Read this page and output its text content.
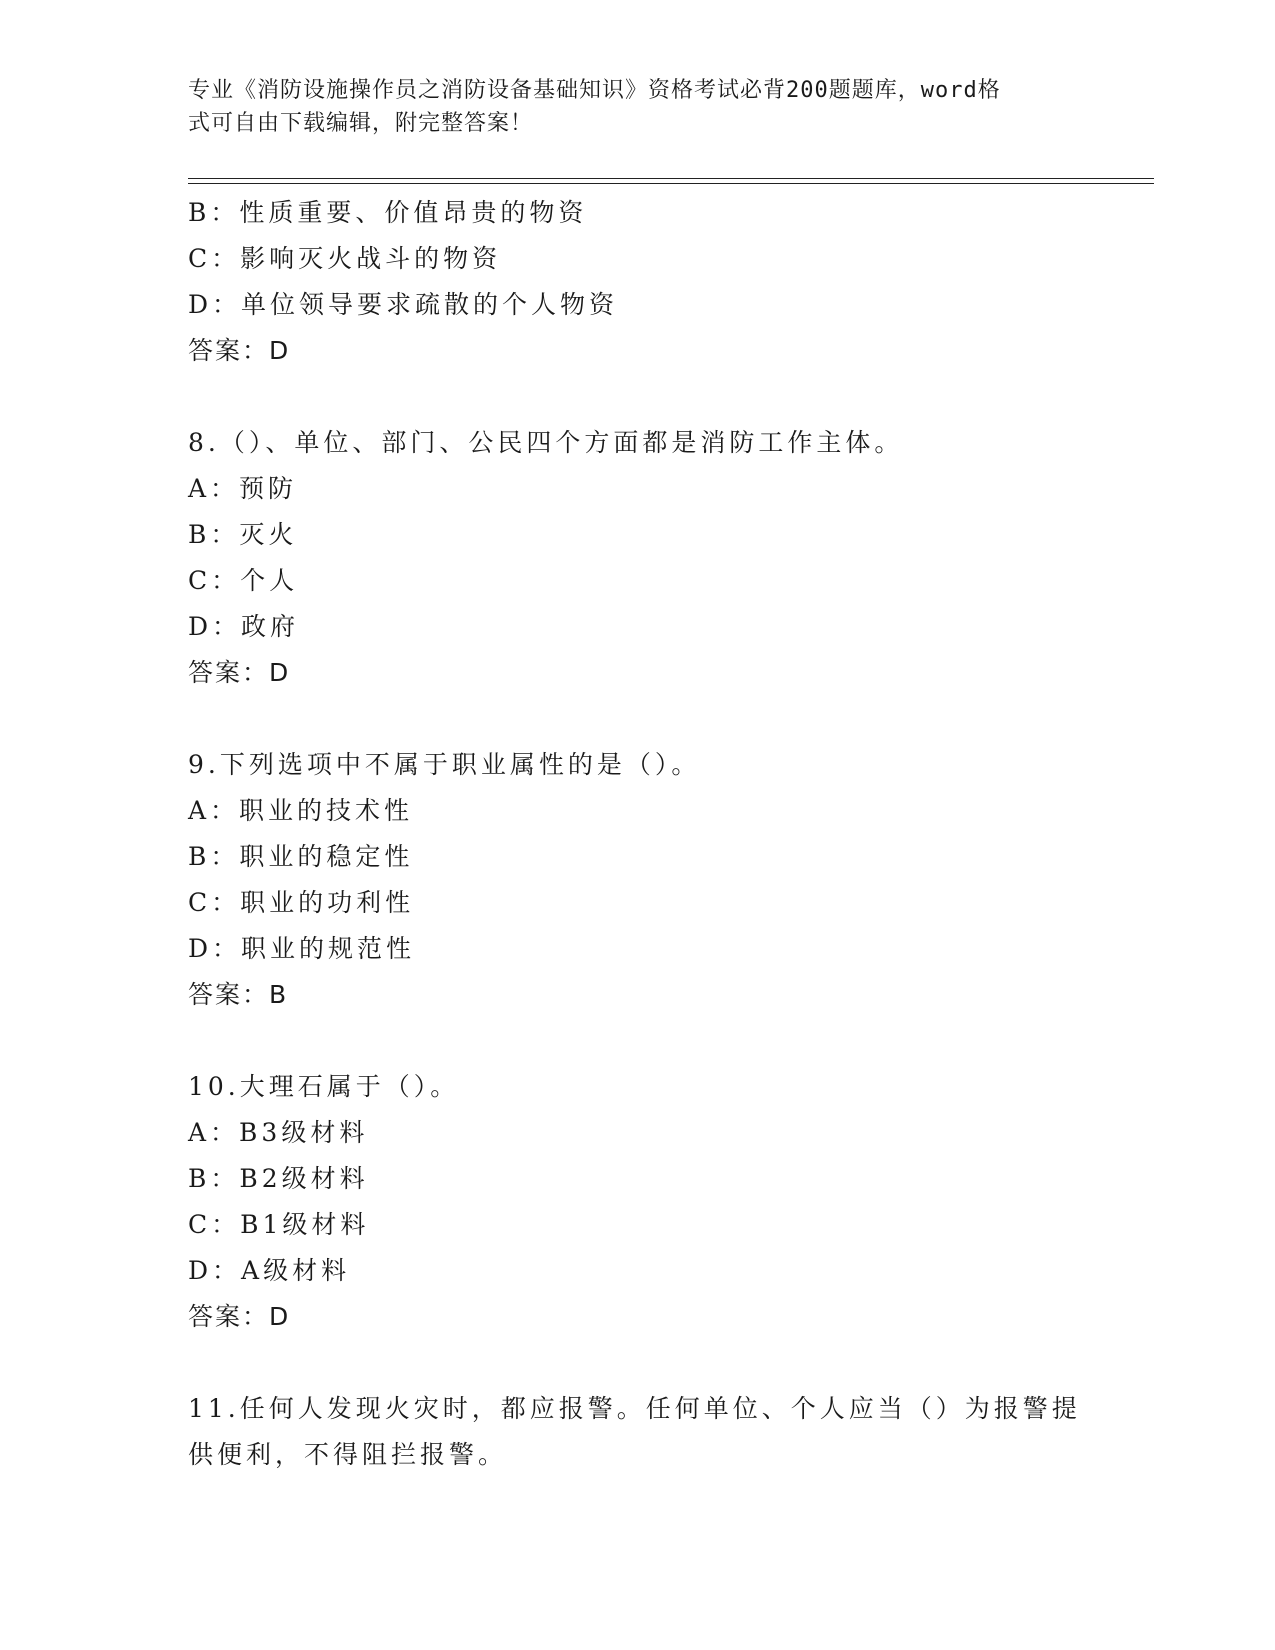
专业《消防设施操作员之消防设备基础知识》资格考试必背200题题库，word格
式可自由下载编辑，附完整答案！
B：性质重要、价值昂贵的物资
C：影响灭火战斗的物资
D：单位领导要求疏散的个人物资
答案：D
8.（）、单位、部门、公民四个方面都是消防工作主体。
A：预防
B：灭火
C：个人
D：政府
答案：D
9.下列选项中不属于职业属性的是（）。
A：职业的技术性
B：职业的稳定性
C：职业的功利性
D：职业的规范性
答案：B
10.大理石属于（）。
A：B3级材料
B：B2级材料
C：B1级材料
D：A级材料
答案：D
11.任何人发现火灾时，都应报警。任何单位、个人应当（）为报警提
供便利，不得阻拦报警。
